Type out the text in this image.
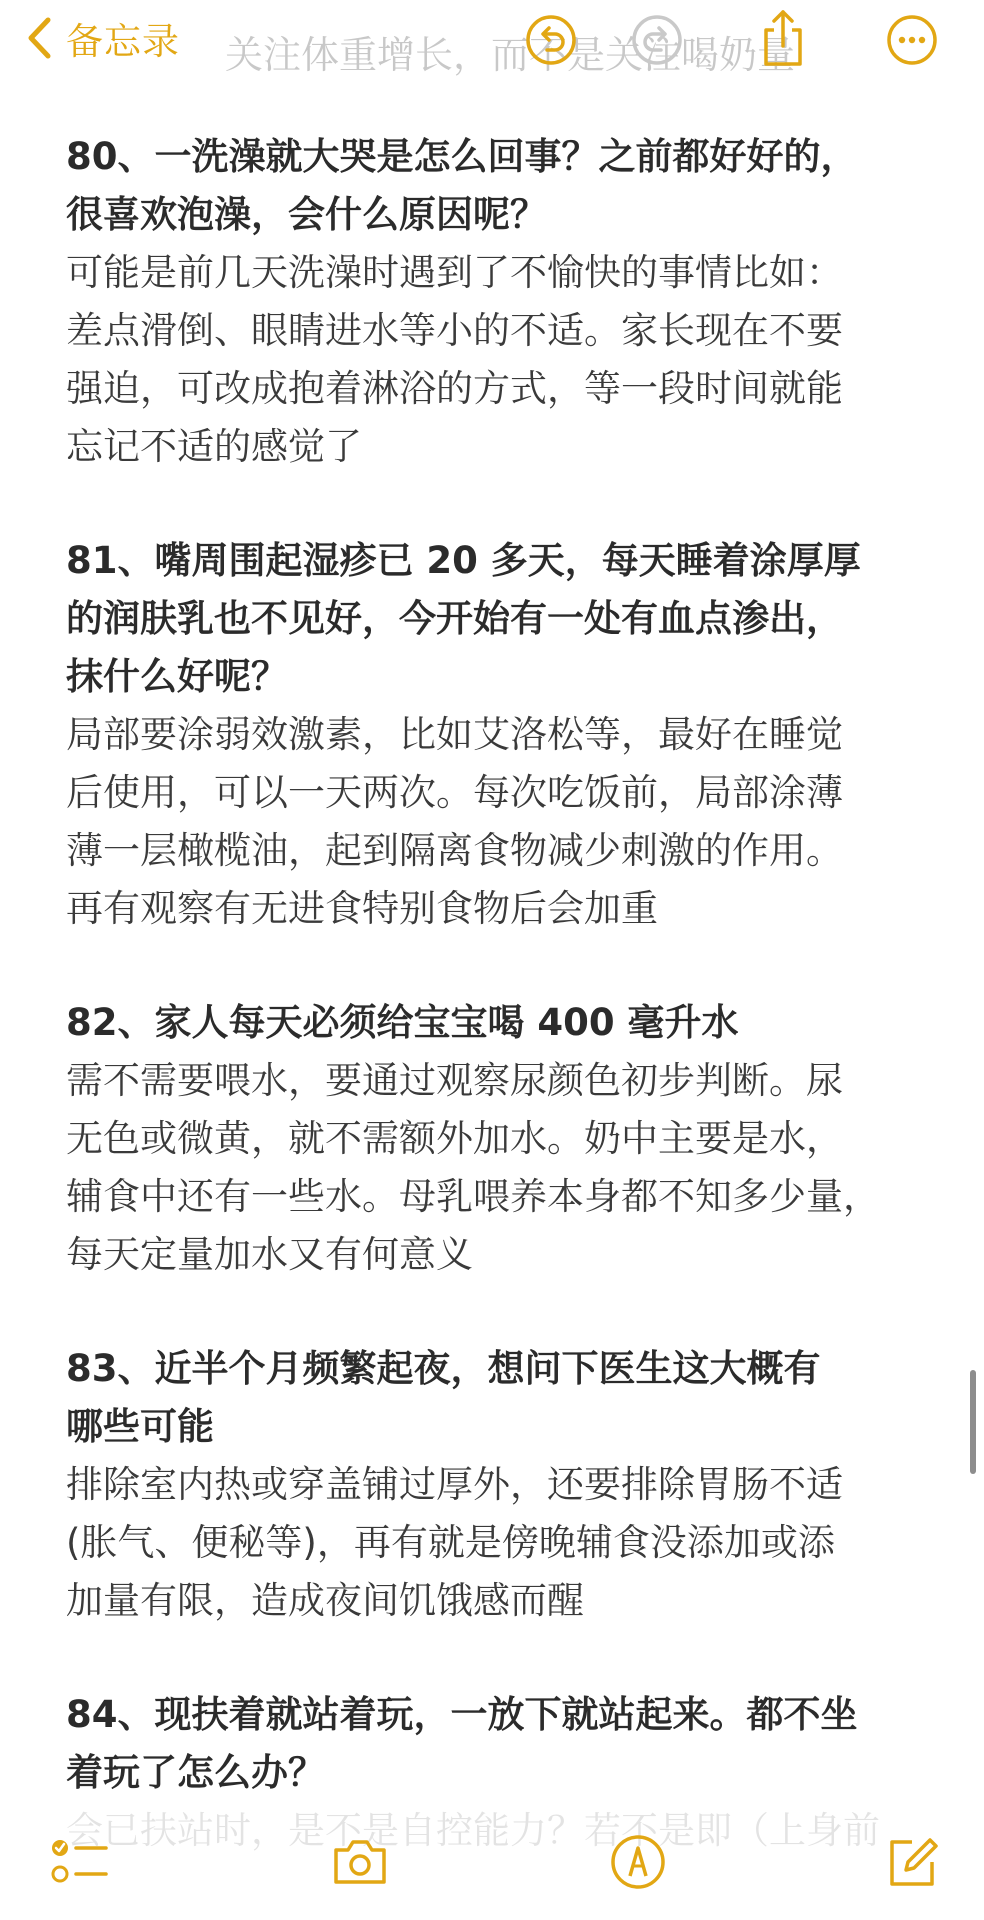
关注体重增长，而不是关注喝奶量
备忘录

80、一洗澡就大哭是怎么回事？之前都好好的，

很喜欢泡澡，会什么原因呢？

可能是前几天洗澡时遇到了不愉快的事情比如：

差点滑倒、眼睛进水等小的不适。家长现在不要

强迫，可改成抱着淋浴的方式，等一段时间就能

忘记不适的感觉了

81、嘴周围起湿疹已 20 多天，每天睡着涂厚厚

的润肤乳也不见好，今开始有一处有血点渗出，

抹什么好呢？

局部要涂弱效激素，比如艾洛松等，最好在睡觉

后使用，可以一天两次。每次吃饭前，局部涂薄

薄一层橄榄油，起到隔离食物减少刺激的作用。

再有观察有无进食特别食物后会加重

82、家人每天必须给宝宝喝 400 毫升水

需不需要喂水，要通过观察尿颜色初步判断。尿

无色或微黄，就不需额外加水。奶中主要是水，

辅食中还有一些水。母乳喂养本身都不知多少量，

每天定量加水又有何意义

83、近半个月频繁起夜，想问下医生这大概有

哪些可能

排除室内热或穿盖铺过厚外，还要排除胃肠不适

(胀气、便秘等)，再有就是傍晚辅食没添加或添

加量有限，造成夜间饥饿感而醒

84、现扶着就站着玩，一放下就站起来。都不坐

着玩了怎么办？
